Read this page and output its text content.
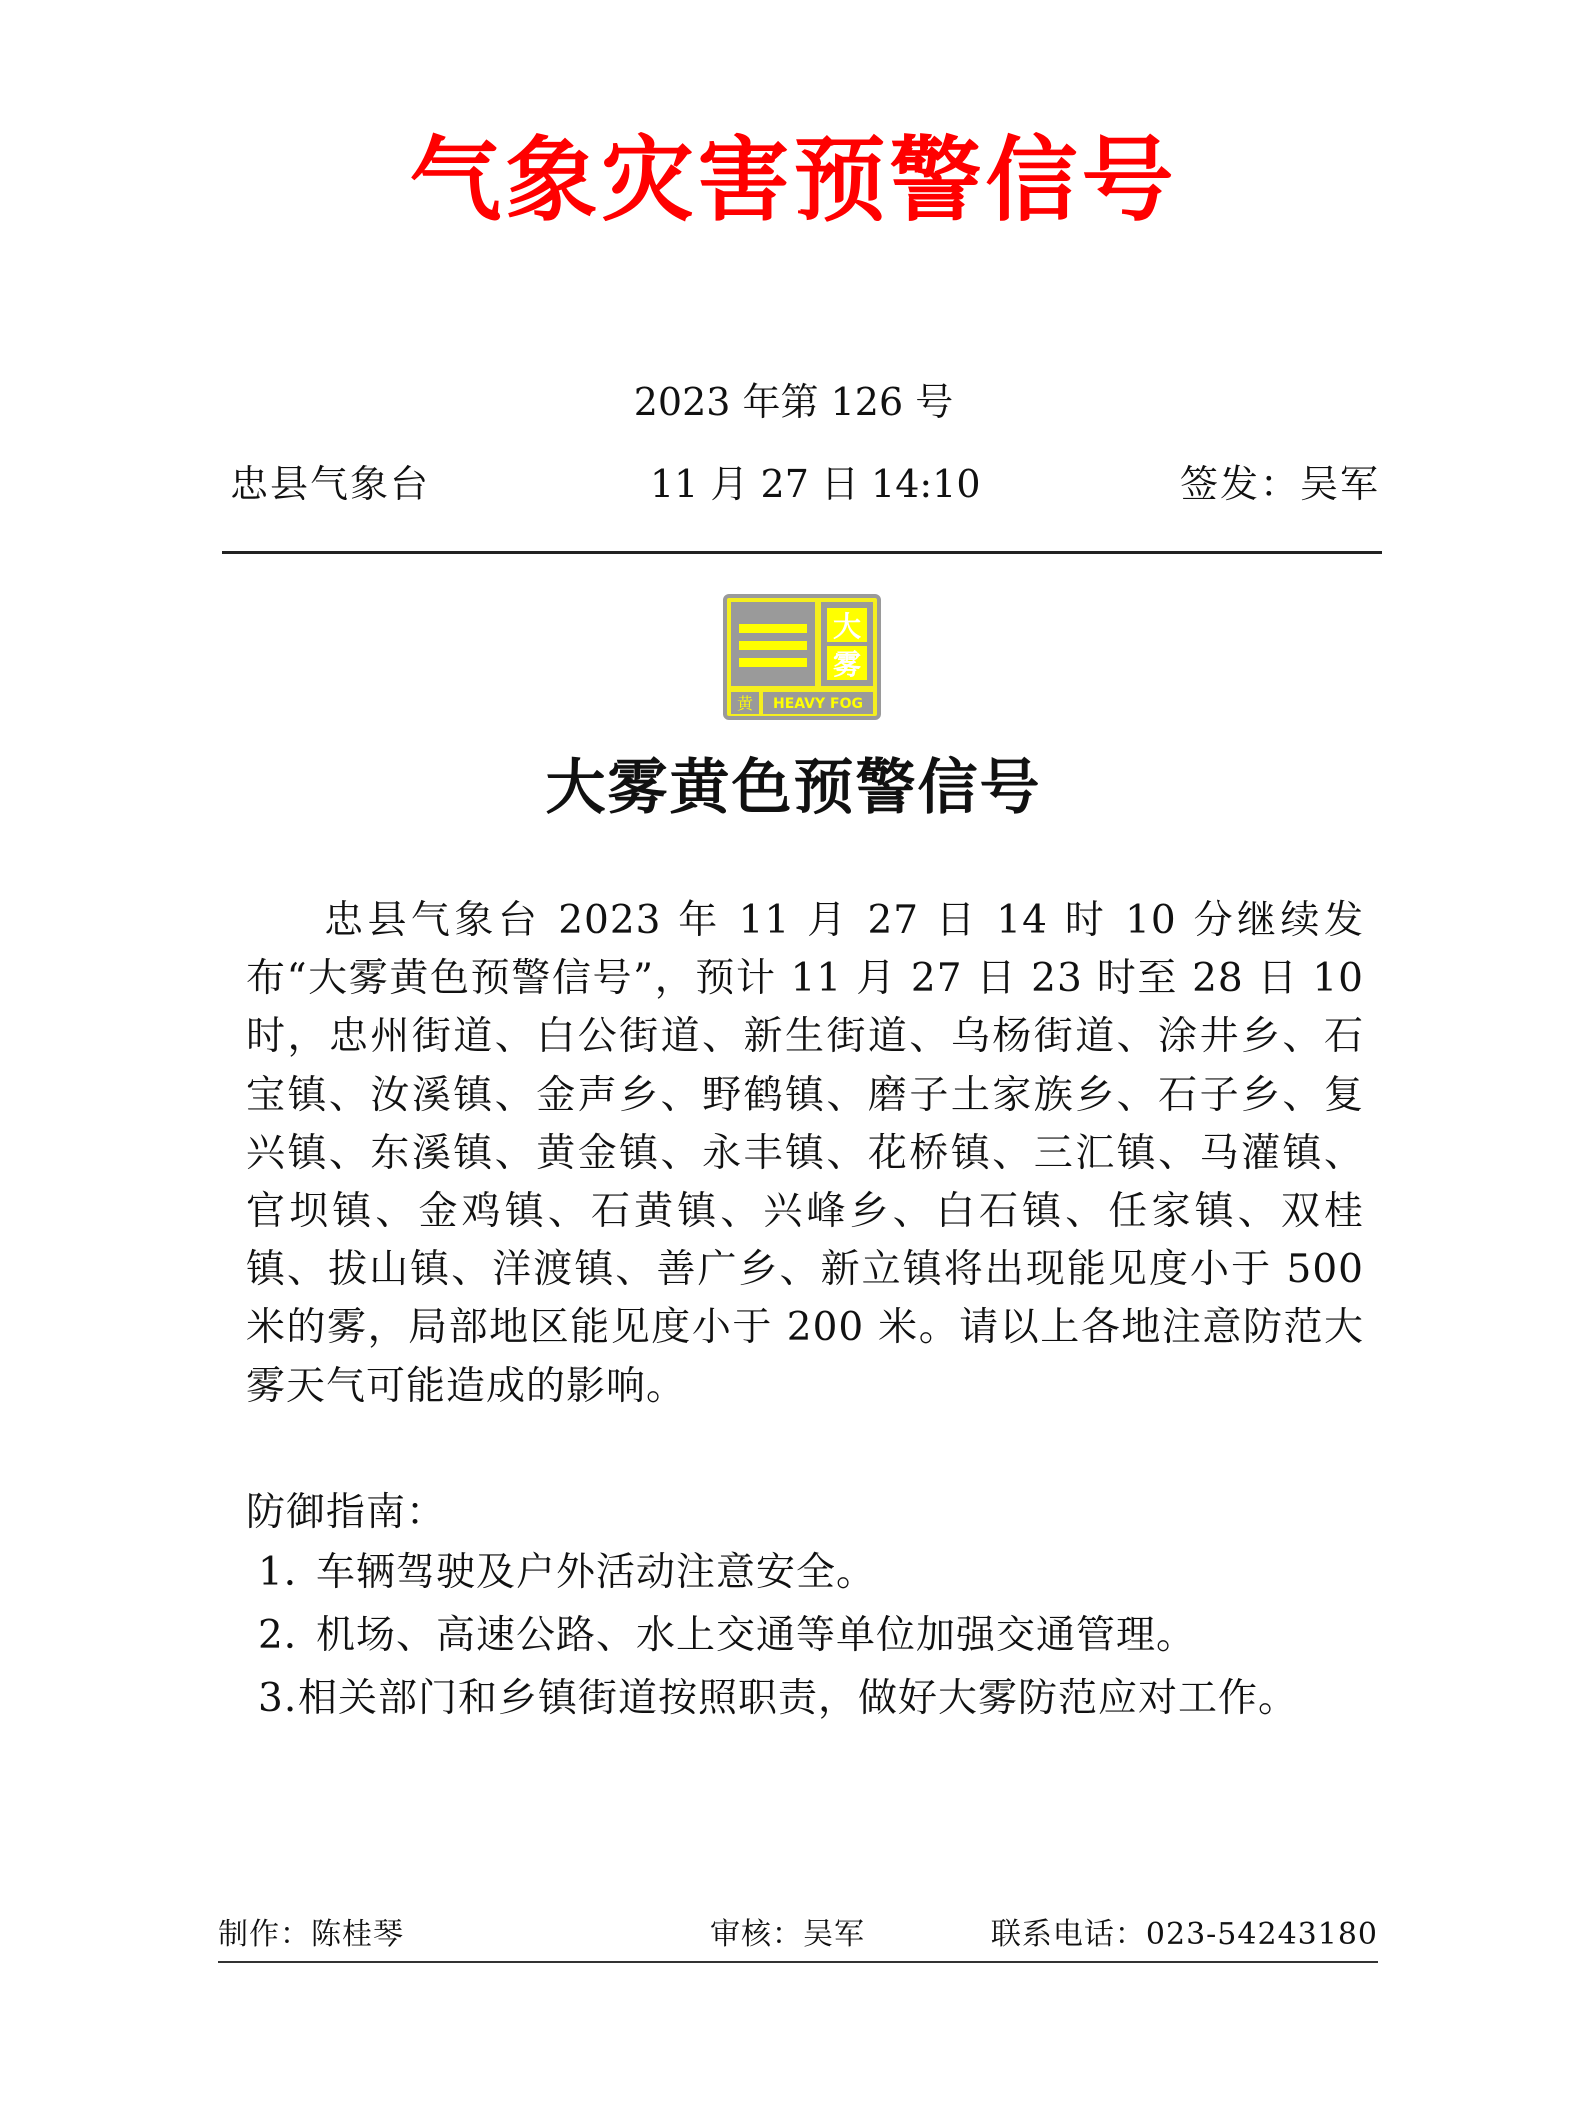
气象灾害预警信号
2023 年第 126 号
忠县气象台	11 月 27 日 14:10	签发：吴军
大
雾
黄 HEAVY FOG
大雾黄色预警信号
忠县气象台 2023 年 11 月 27 日 14 时 10 分继续发布“大雾黄色预警信号”，预计 11 月 27 日 23 时至 28 日 10 时，忠州街道、白公街道、新生街道、乌杨街道、涂井乡、石宝镇、汝溪镇、金声乡、野鹤镇、磨子土家族乡、石子乡、复兴镇、东溪镇、黄金镇、永丰镇、花桥镇、三汇镇、马灌镇、官坝镇、金鸡镇、石黄镇、兴峰乡、白石镇、任家镇、双桂镇、拔山镇、洋渡镇、善广乡、新立镇将出现能见度小于 500 米的雾，局部地区能见度小于 200 米。请以上各地注意防范大雾天气可能造成的影响。
防御指南：
1．车辆驾驶及户外活动注意安全。
2．机场、高速公路、水上交通等单位加强交通管理。
3.相关部门和乡镇街道按照职责，做好大雾防范应对工作。
制作：陈桂琴	审核：吴军	联系电话：023-54243180
